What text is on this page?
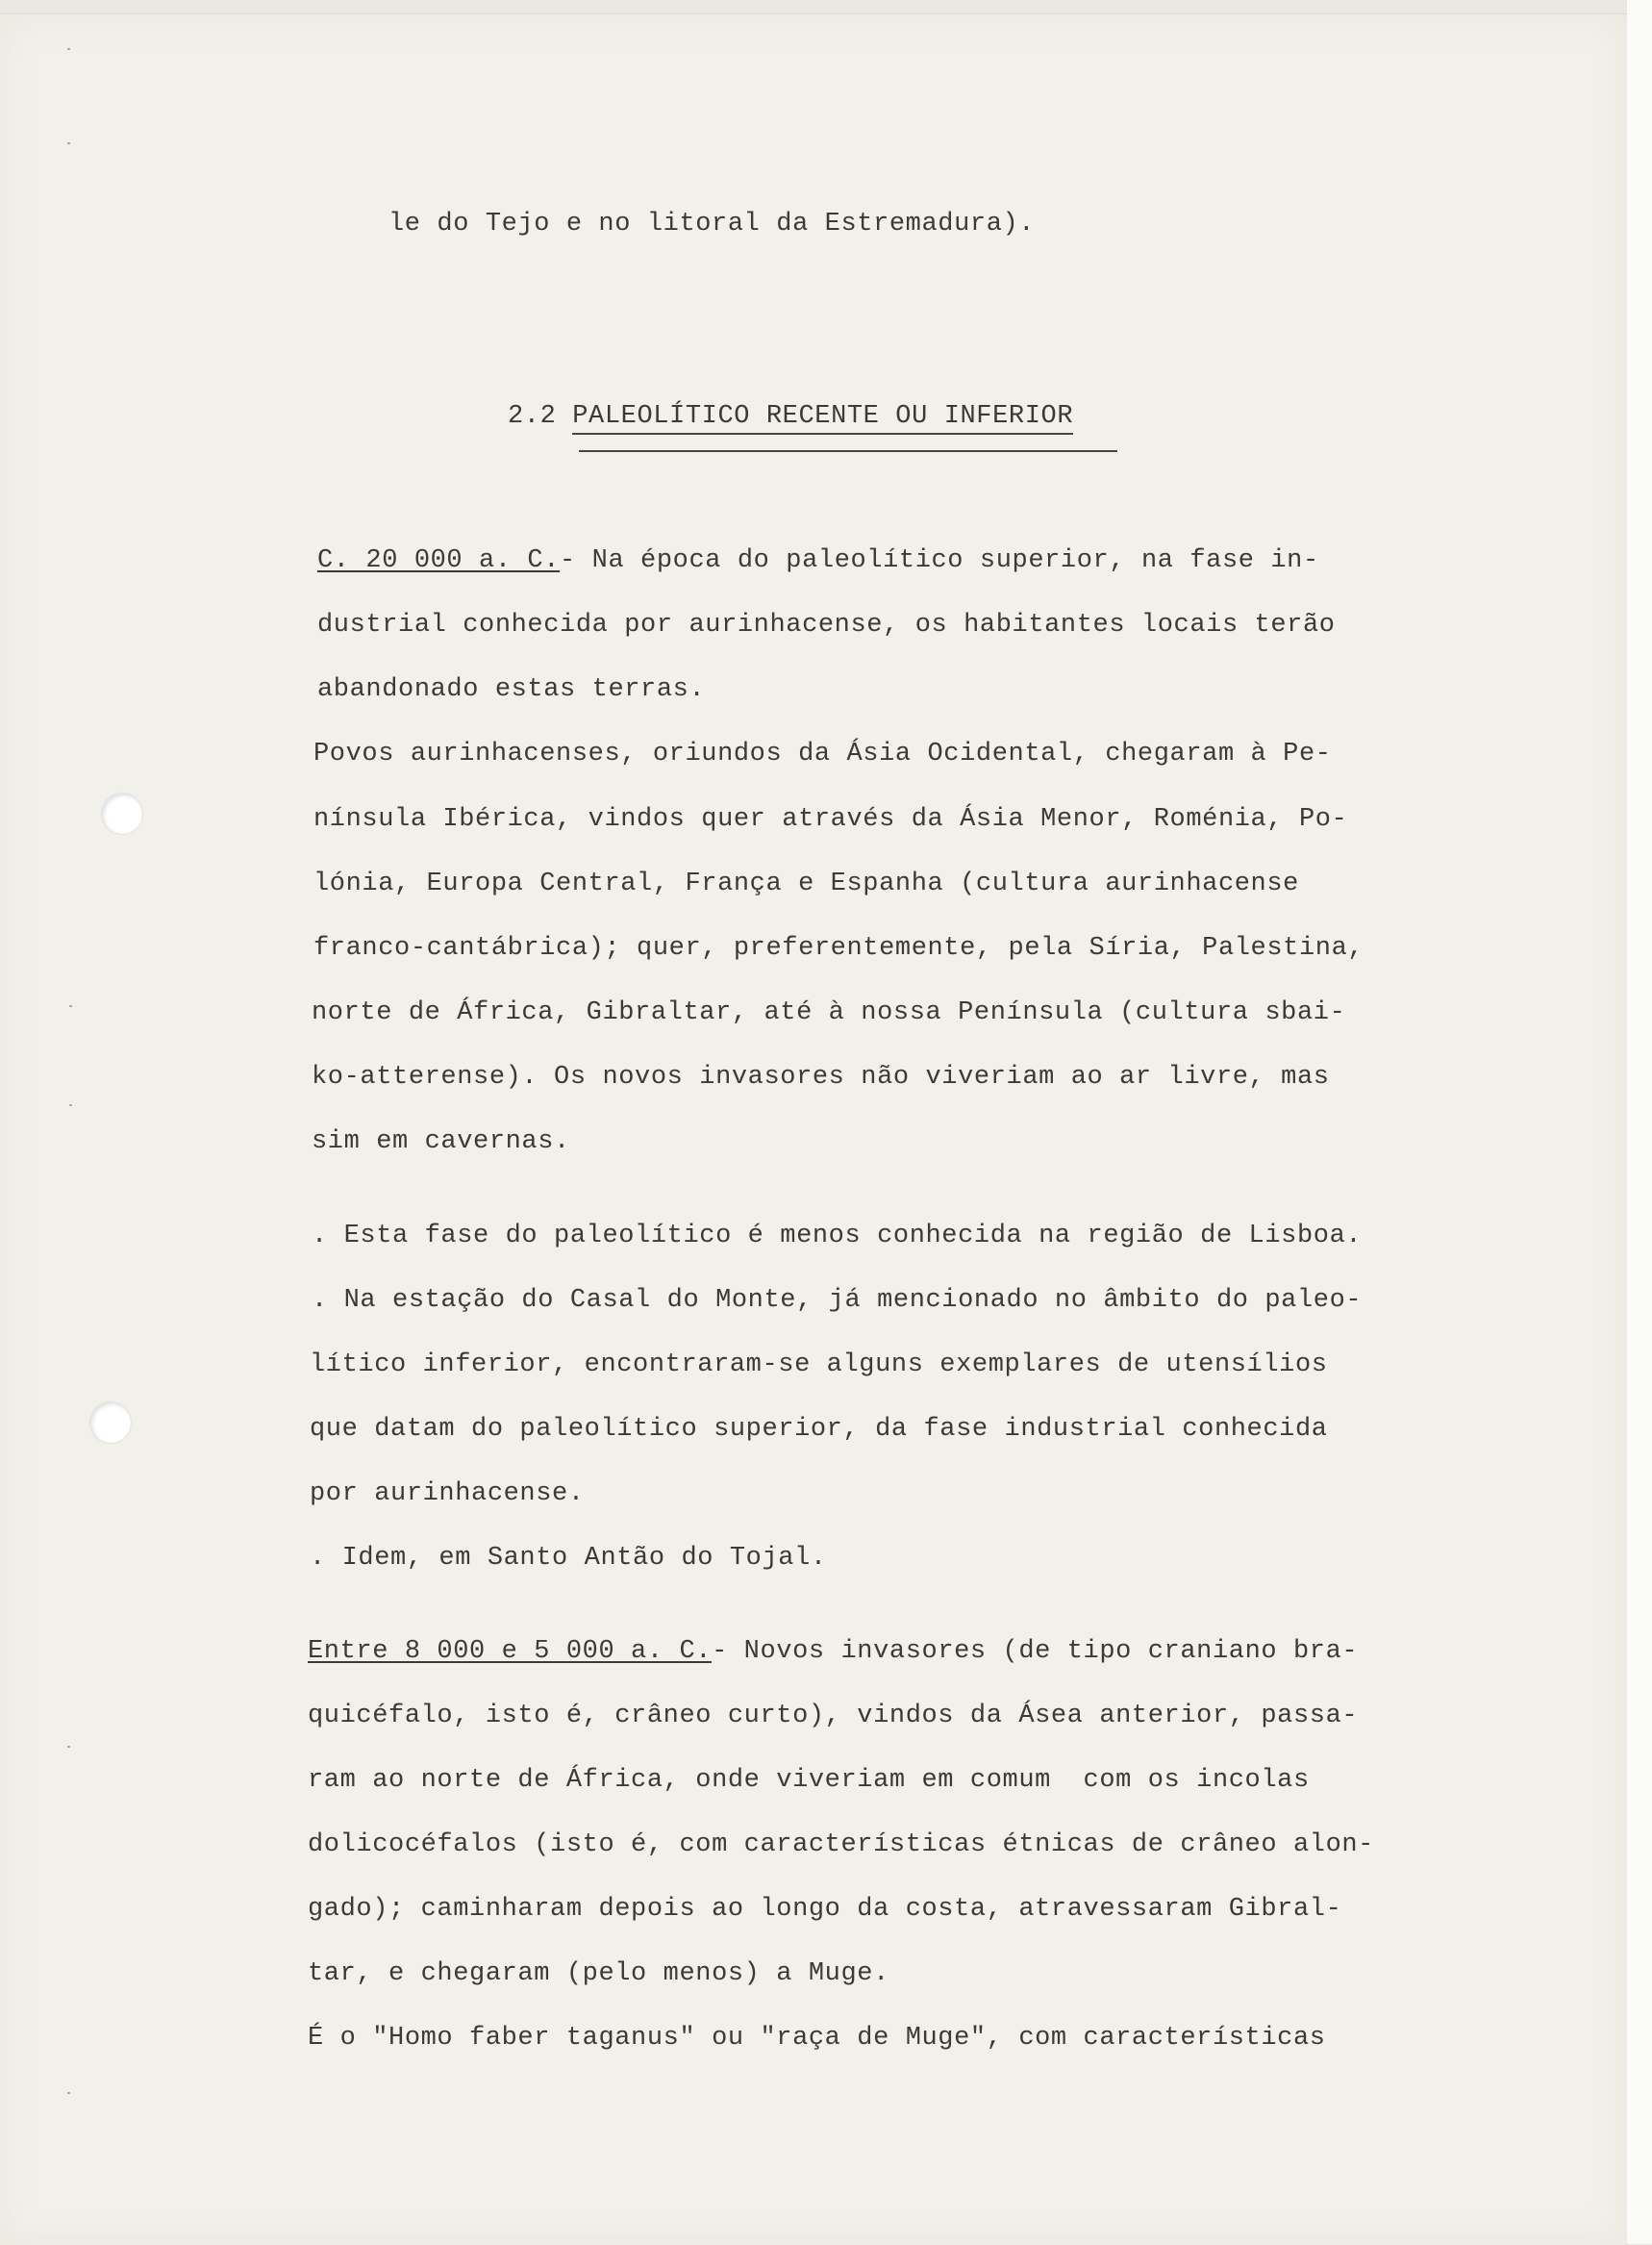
le do Tejo e no litoral da Estremadura).
2.2 PALEOLÍTICO RECENTE OU INFERIOR
C. 20 000 a. C.- Na época do paleolítico superior, na fase in-
dustrial conhecida por aurinhacense, os habitantes locais terão
abandonado estas terras.
Povos aurinhacenses, oriundos da Ásia Ocidental, chegaram à Pe-
nínsula Ibérica, vindos quer através da Ásia Menor, Roménia, Po-
lónia, Europa Central, França e Espanha (cultura aurinhacense
franco-cantábrica); quer, preferentemente, pela Síria, Palestina,
norte de África, Gibraltar, até à nossa Península (cultura sbai-
ko-atterense). Os novos invasores não viveriam ao ar livre, mas
sim em cavernas.
. Esta fase do paleolítico é menos conhecida na região de Lisboa.
. Na estação do Casal do Monte, já mencionado no âmbito do paleo-
lítico inferior, encontraram-se alguns exemplares de utensílios
que datam do paleolítico superior, da fase industrial conhecida
por aurinhacense.
. Idem, em Santo Antão do Tojal.
Entre 8 000 e 5 000 a. C.- Novos invasores (de tipo craniano bra-
quicéfalo, isto é, crâneo curto), vindos da Ásea anterior, passa-
ram ao norte de África, onde viveriam em comum  com os incolas
dolicocéfalos (isto é, com características étnicas de crâneo alon-
gado); caminharam depois ao longo da costa, atravessaram Gibral-
tar, e chegaram (pelo menos) a Muge.
É o "Homo faber taganus" ou "raça de Muge", com características
